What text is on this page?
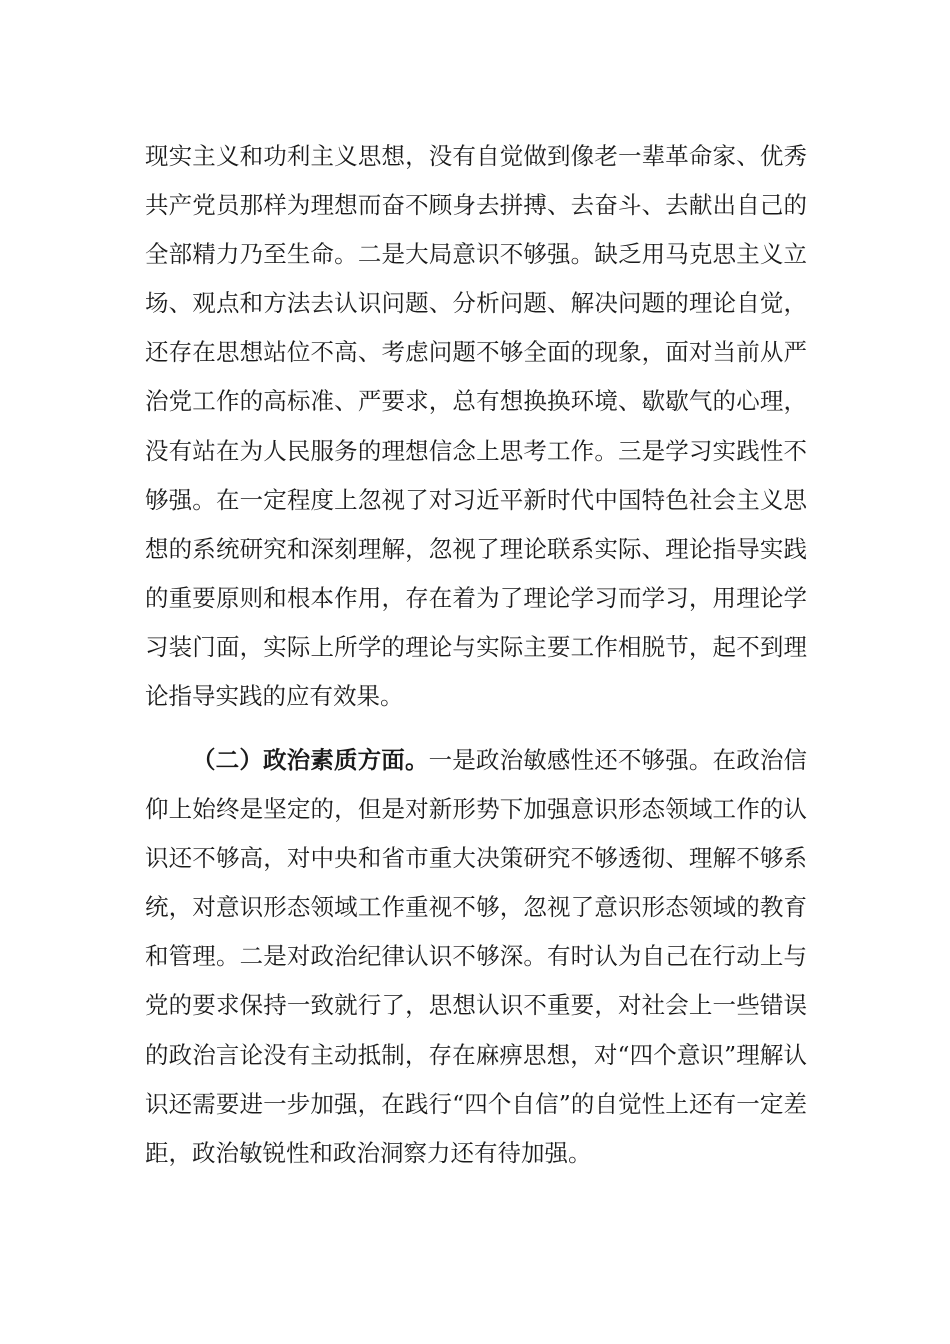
现实主义和功利主义思想，没有自觉做到像老一辈革命家、优秀共产党员那样为理想而奋不顾身去拼搏、去奋斗、去献出自己的全部精力乃至生命。二是大局意识不够强。缺乏用马克思主义立场、观点和方法去认识问题、分析问题、解决问题的理论自觉，还存在思想站位不高、考虑问题不够全面的现象，面对当前从严治党工作的高标准、严要求，总有想换换环境、歇歇气的心理，没有站在为人民服务的理想信念上思考工作。三是学习实践性不够强。在一定程度上忽视了对习近平新时代中国特色社会主义思想的系统研究和深刻理解，忽视了理论联系实际、理论指导实践的重要原则和根本作用，存在着为了理论学习而学习，用理论学习装门面，实际上所学的理论与实际主要工作相脱节，起不到理论指导实践的应有效果。

（二）政治素质方面。一是政治敏感性还不够强。在政治信仰上始终是坚定的，但是对新形势下加强意识形态领域工作的认识还不够高，对中央和省市重大决策研究不够透彻、理解不够系统，对意识形态领域工作重视不够，忽视了意识形态领域的教育和管理。二是对政治纪律认识不够深。有时认为自己在行动上与党的要求保持一致就行了，思想认识不重要，对社会上一些错误的政治言论没有主动抵制，存在麻痹思想，对“四个意识”理解认识还需要进一步加强，在践行“四个自信”的自觉性上还有一定差距，政治敏锐性和政治洞察力还有待加强。
